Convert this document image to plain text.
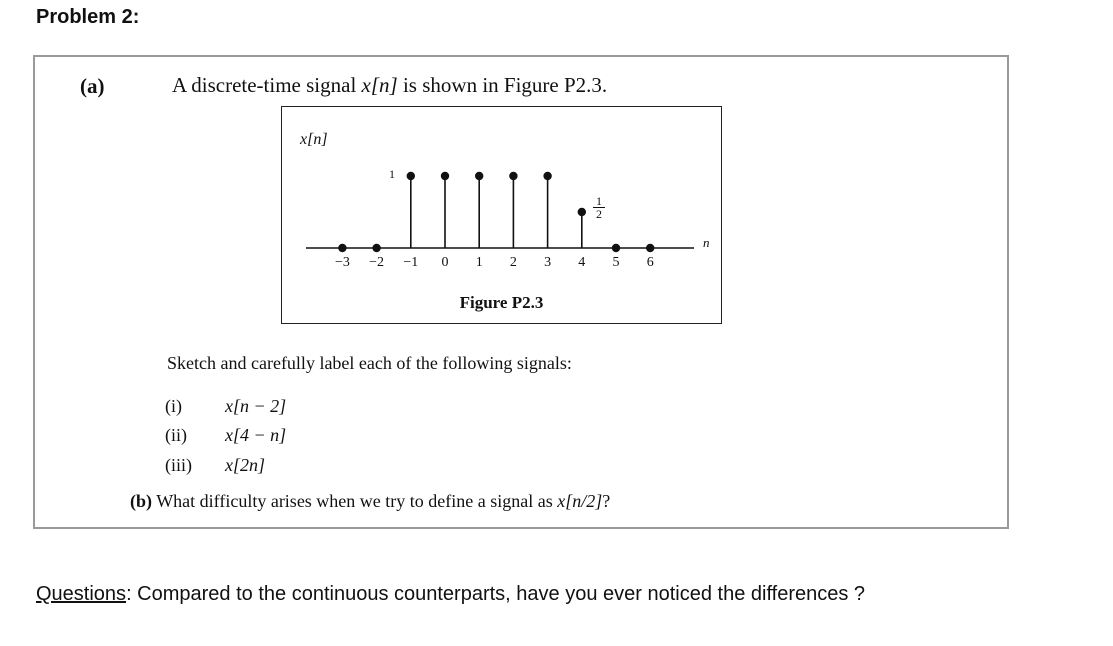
Problem 2:
(a)	A discrete-time signal x[n] is shown in Figure P2.3.
x[n]
n
1
$\frac{1}{2}$
−3 −2 −1 0 1 2 3 4 5 6
Figure P2.3
Sketch and carefully label each of the following signals:
(i) x[n − 2]
(ii) x[4 − n]
(iii) x[2n]
(b) What difficulty arises when we try to define a signal as x[n/2]?
Questions: Compared to the continuous counterparts, have you ever noticed the differences ?
